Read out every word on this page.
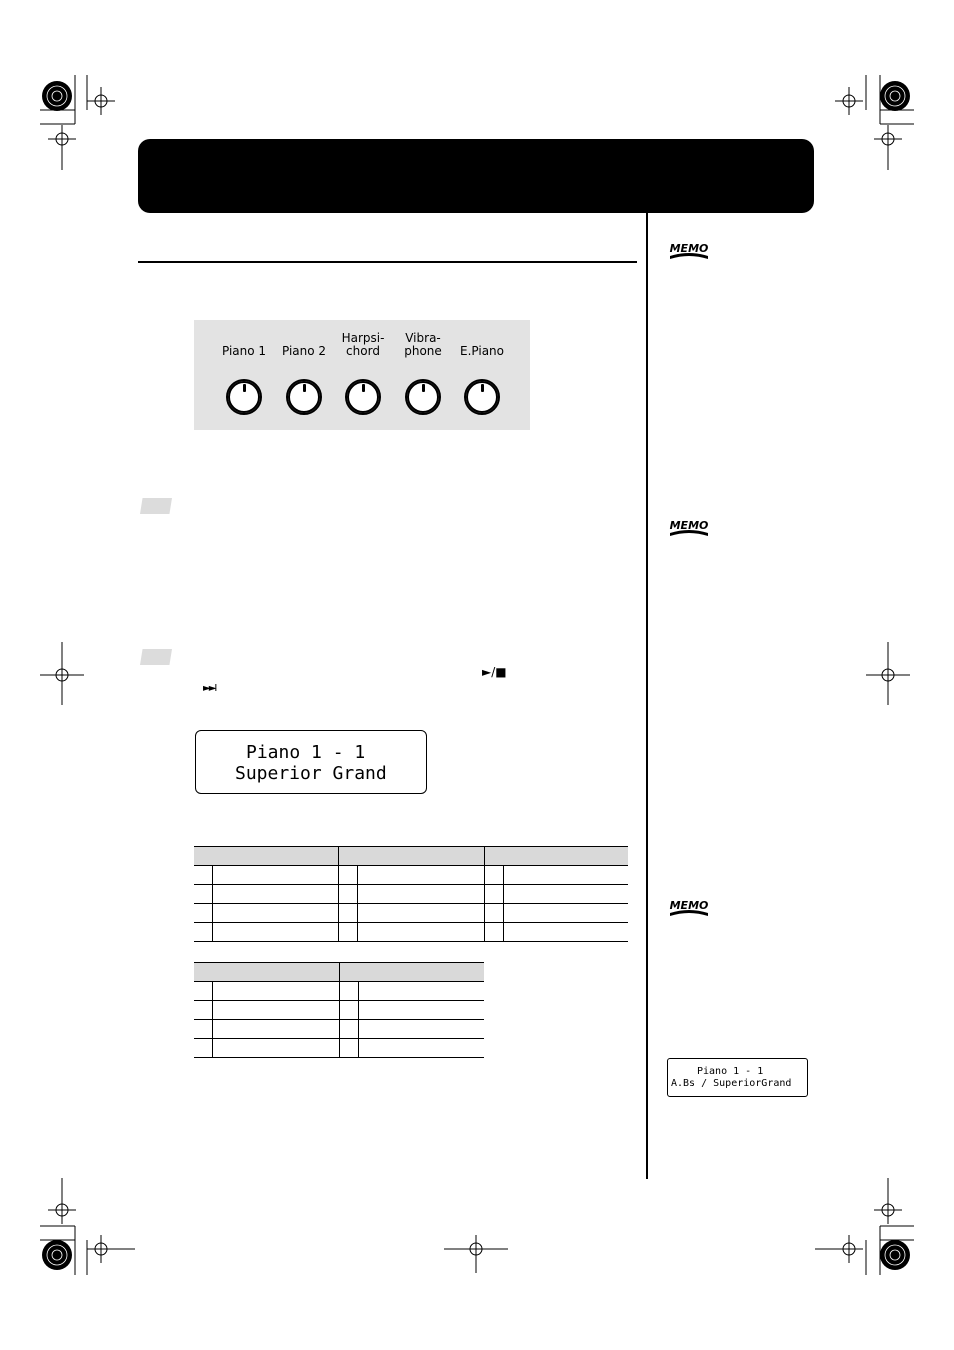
Piano 1	Piano 2
Harpsi-
chord
Vibra-
phone	E.Piano
►/■
►►I
Piano 1 - 1
Superior Grand

MEMO
MEMO
MEMO
Piano 1 - 1
A.Bs / SuperiorGrand
